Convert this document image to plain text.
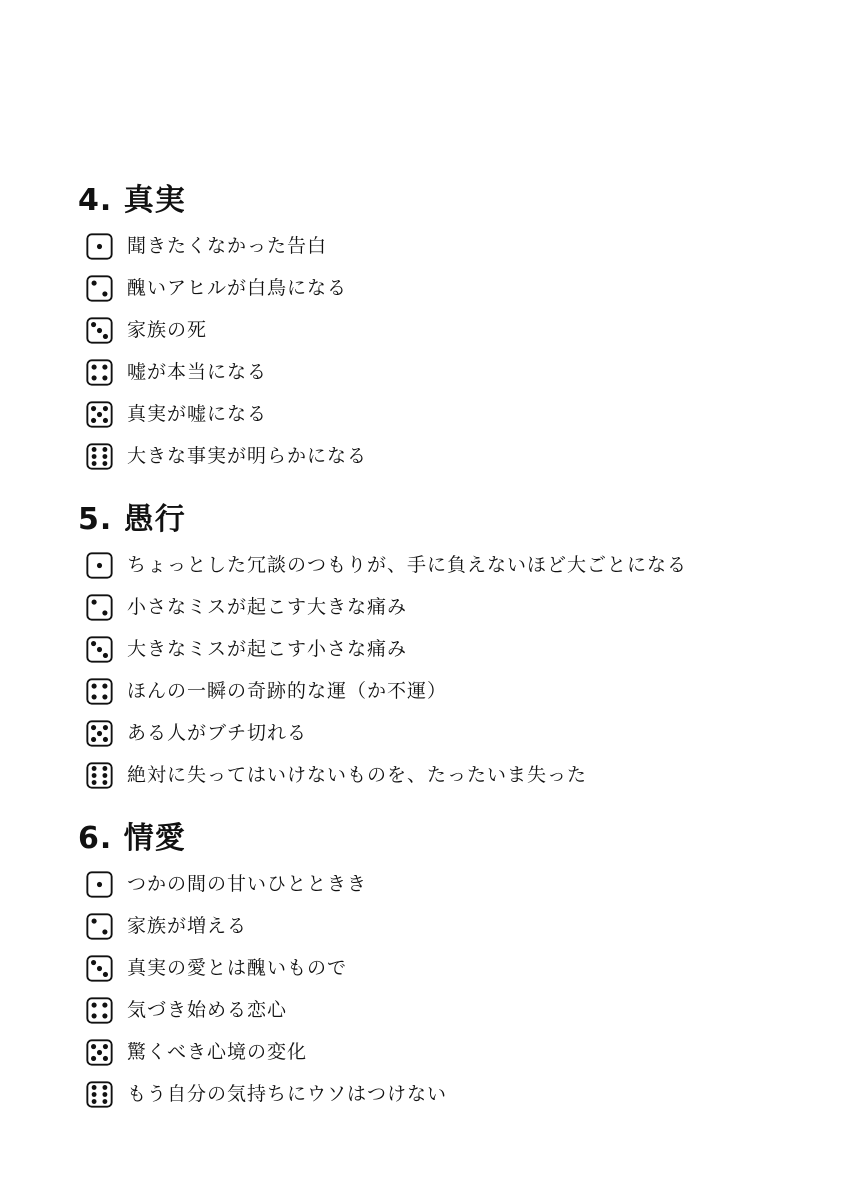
4. 真実
聞きたくなかった告白
醜いアヒルが白鳥になる
家族の死
嘘が本当になる
真実が嘘になる
大きな事実が明らかになる
5. 愚行
ちょっとした冗談のつもりが、手に負えないほど大ごとになる
小さなミスが起こす大きな痛み
大きなミスが起こす小さな痛み
ほんの一瞬の奇跡的な運（か不運）
ある人がブチ切れる
絶対に失ってはいけないものを、たったいま失った
6. 情愛
つかの間の甘いひとときき
家族が増える
真実の愛とは醜いもので
気づき始める恋心
驚くべき心境の変化
もう自分の気持ちにウソはつけない
